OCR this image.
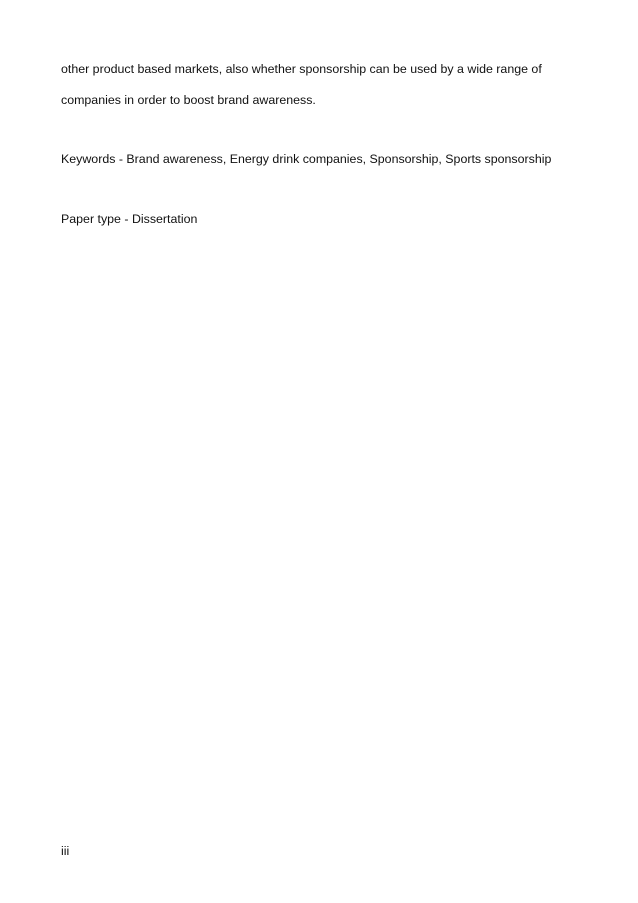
other product based markets, also whether sponsorship can be used by a wide range of
companies in order to boost brand awareness.
Keywords - Brand awareness, Energy drink companies, Sponsorship, Sports sponsorship
Paper type - Dissertation
iii
